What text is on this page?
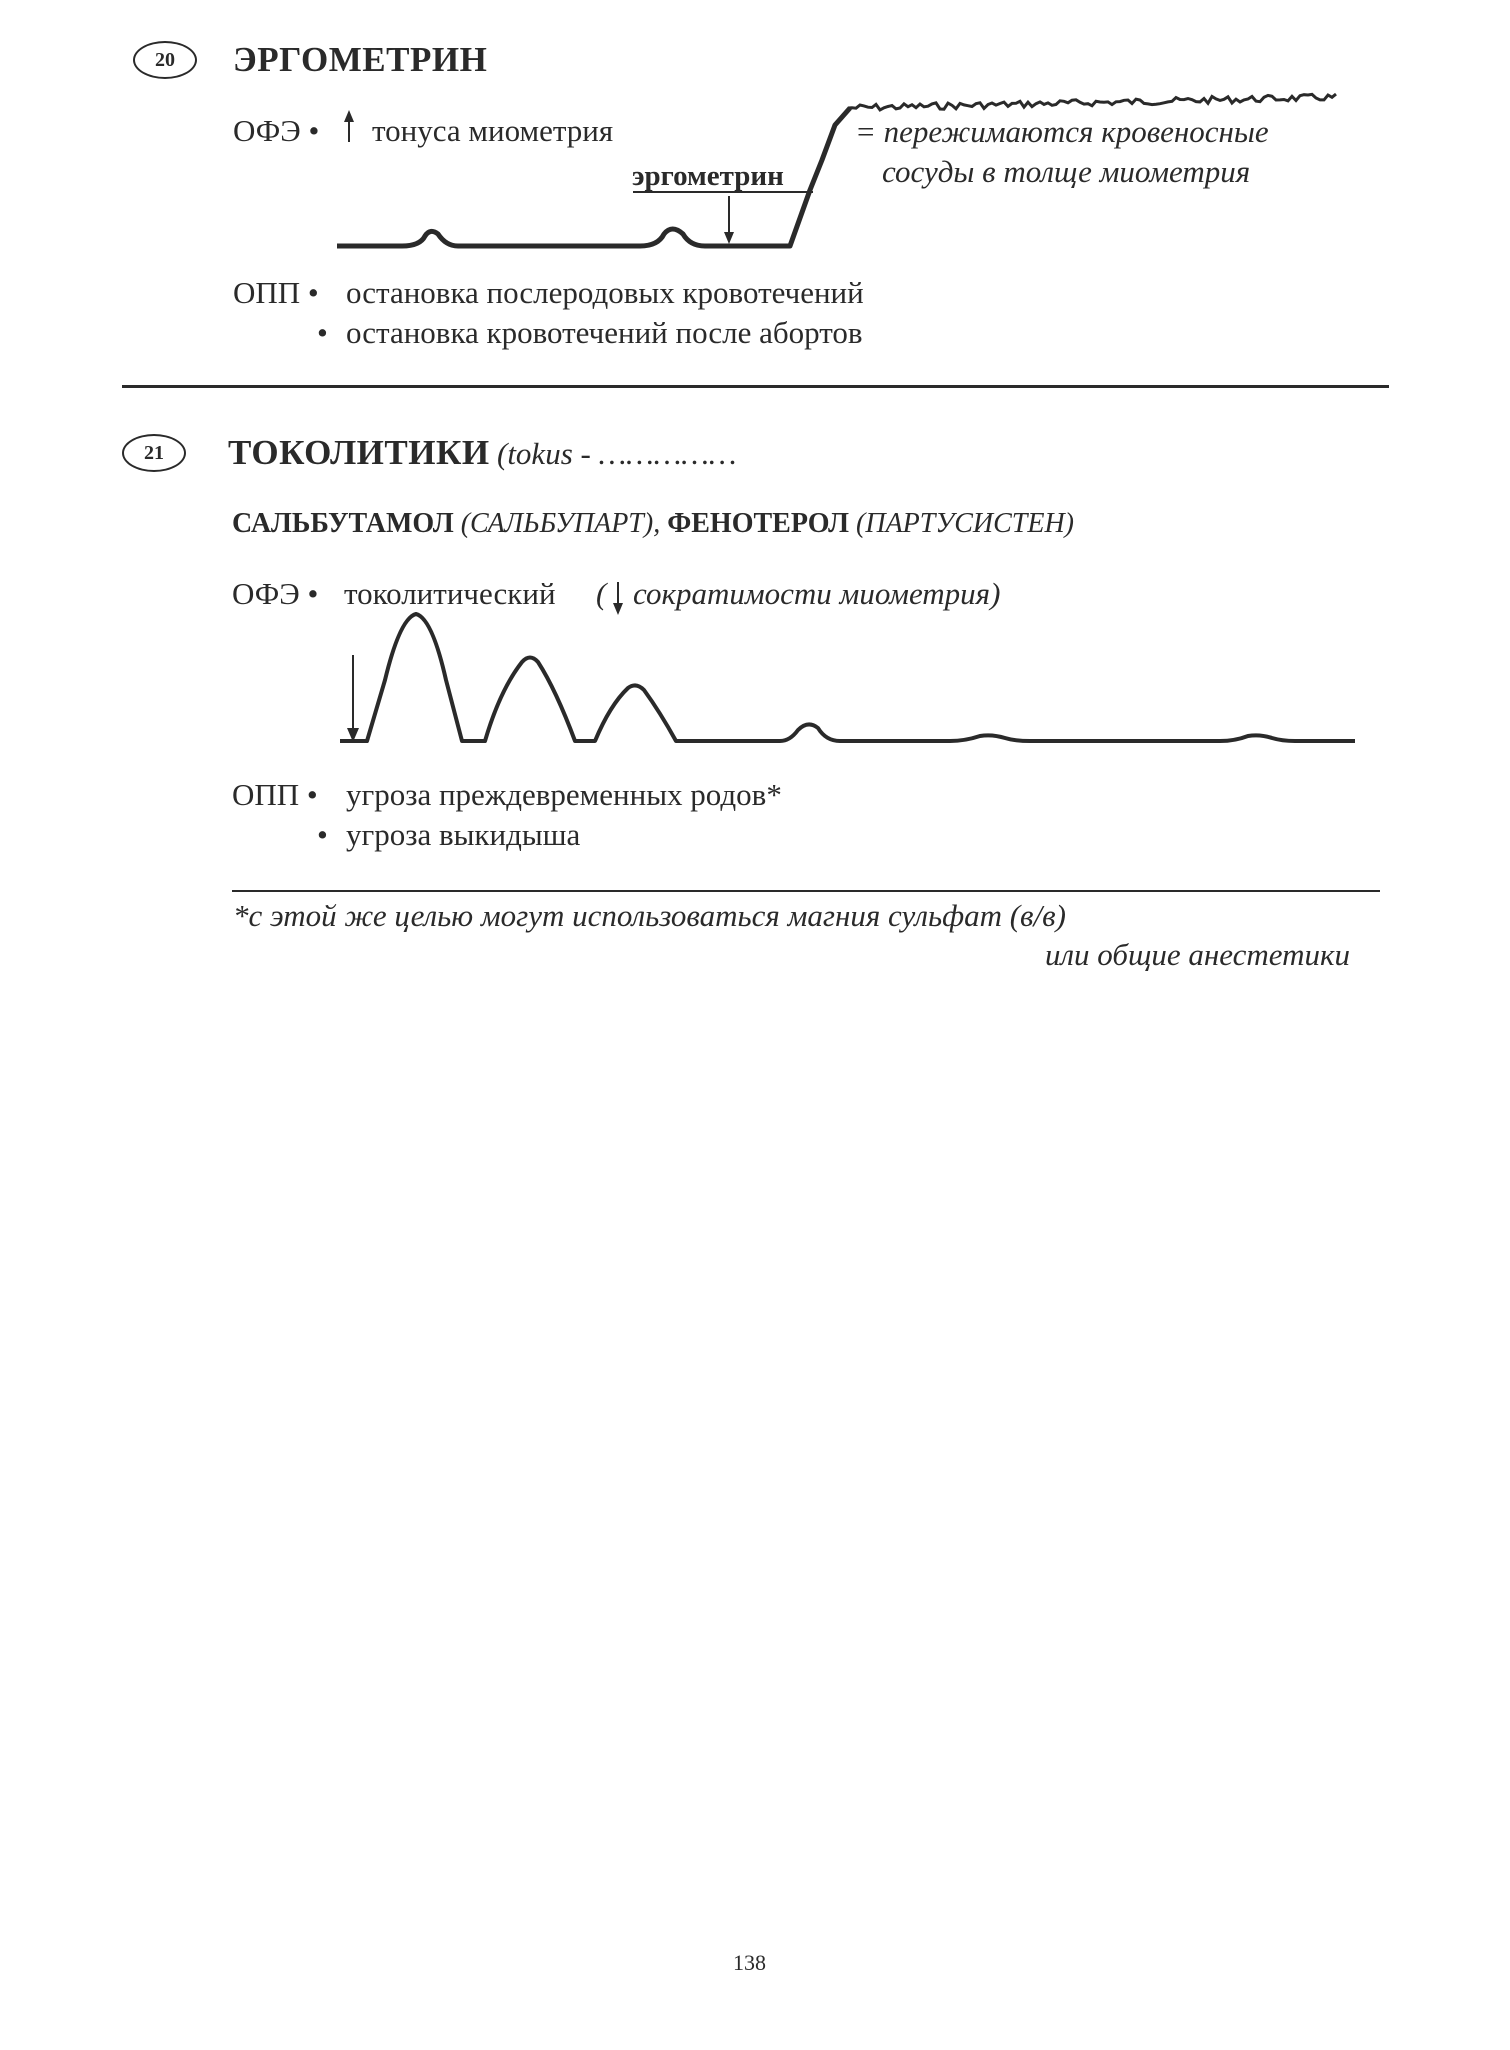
20 ЭРГОМЕТРИН
ОФЭ • тонуса миометрия
эргометрин
= пережимаются кровеносные
сосуды в толще миометрия
ОПП • остановка послеродовых кровотечений
• остановка кровотечений после абортов
21 ТОКОЛИТИКИ (tokus - ……………
САЛЬБУТАМОЛ (САЛЬБУПАРТ), ФЕНОТЕРОЛ (ПАРТУСИСТЕН)
ОФЭ • токолитический ( сократимости миометрия)
ОПП • угроза преждевременных родов*
• угроза выкидыша
*с этой же целью могут использоваться магния сульфат (в/в)
или общие анестетики
138
